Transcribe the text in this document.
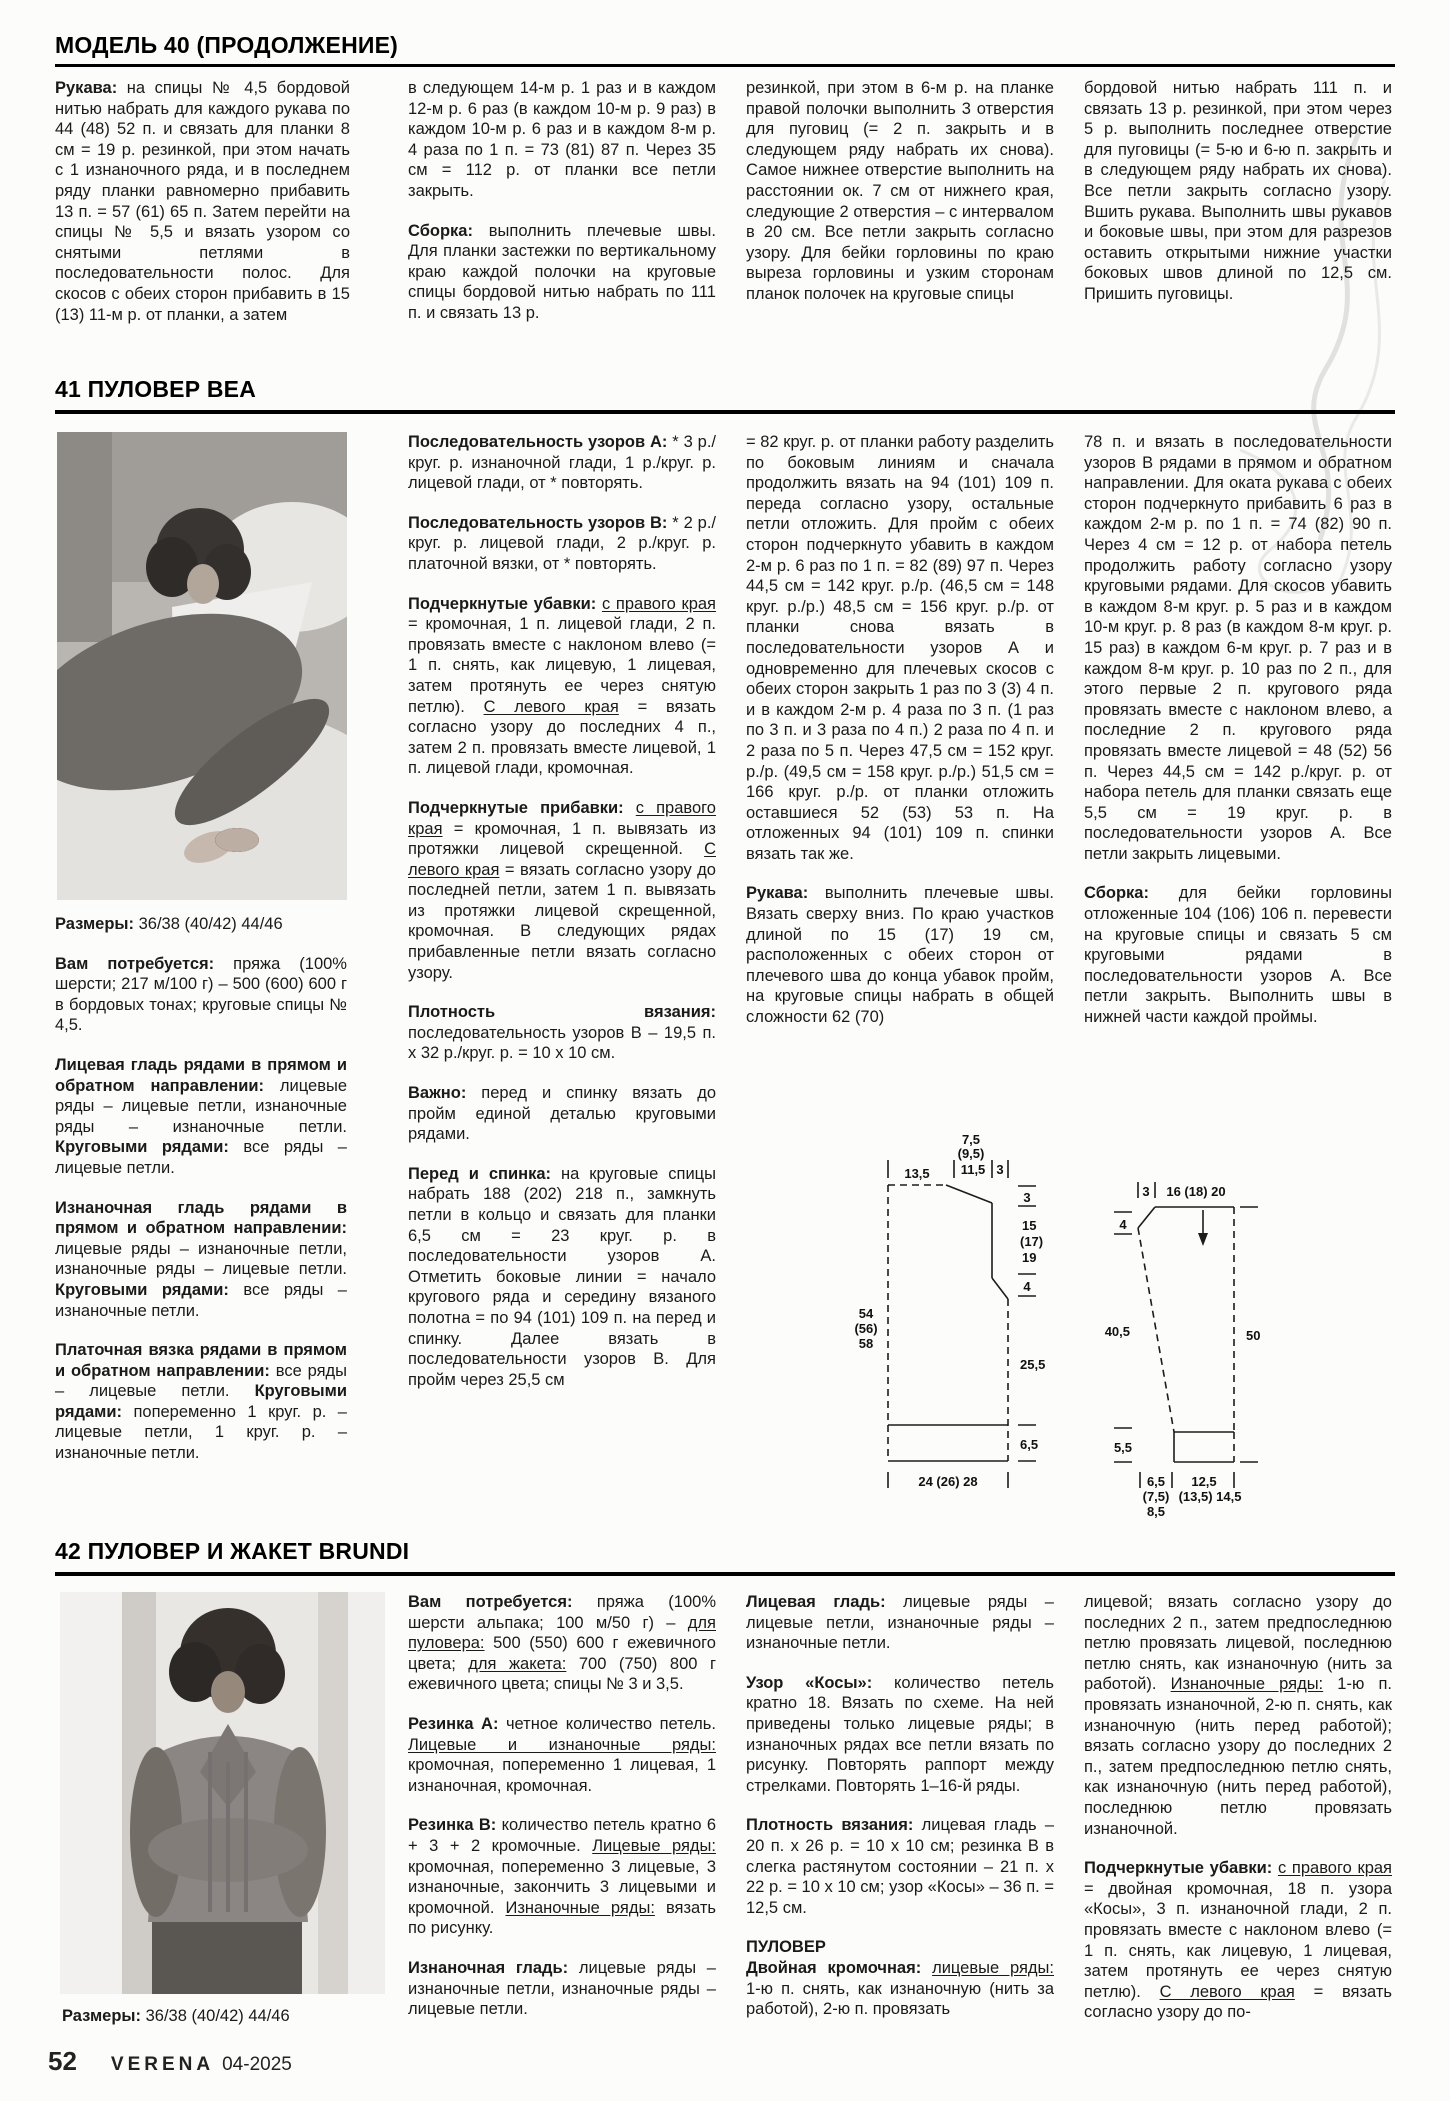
МОДЕЛЬ 40 (ПРОДОЛЖЕНИЕ)

Рукава: на спицы № 4,5 бордовой нитью набрать для каждого рукава по 44 (48) 52 п. и связать для планки 8 см = 19 р. резинкой, при этом начать с 1 изнаночного ряда, и в последнем ряду планки равномерно прибавить 13 п. = 57 (61) 65 п. Затем перейти на спицы № 5,5 и вязать узором со снятыми петлями в последовательности полос. Для скосов с обеих сторон прибавить в 15 (13) 11-м р. от планки, а затем

в следующем 14-м р. 1 раз и в каждом 12-м р. 6 раз (в каждом 10-м р. 9 раз) в каждом 10-м р. 6 раз и в каждом 8-м р. 4 раза по 1 п. = 73 (81) 87 п. Через 35 см = 112 р. от планки все петли закрыть.

Сборка: выполнить плечевые швы. Для планки застежки по вертикальному краю каждой полочки на круговые спицы бордовой нитью набрать по 111 п. и связать 13 р.

резинкой, при этом в 6-м р. на планке правой полочки выполнить 3 отверстия для пуговиц (= 2 п. закрыть и в следующем ряду набрать их снова). Самое нижнее отверстие выполнить на расстоянии ок. 7 см от нижнего края, следующие 2 отверстия – с интервалом в 20 см. Все петли закрыть согласно узору. Для бейки горловины по краю выреза горловины и узким сторонам планок полочек на круговые спицы

бордовой нитью набрать 111 п. и связать 13 р. резинкой, при этом через 5 р. выполнить последнее отверстие для пуговицы (= 5-ю и 6-ю п. закрыть и в следующем ряду набрать их снова). Все петли закрыть согласно узору. Вшить рукава. Выполнить швы рукавов и боковые швы, при этом для разрезов оставить открытыми нижние участки боковых швов длиной по 12,5 см. Пришить пуговицы.

41 ПУЛОВЕР BEA

Размеры: 36/38 (40/42) 44/46

Вам потребуется: пряжа (100% шерсти; 217 м/100 г) – 500 (600) 600 г в бордовых тонах; круговые спицы № 4,5.

Лицевая гладь рядами в прямом и обратном направлении: лицевые ряды – лицевые петли, изнаночные ряды – изнаночные петли. Круговыми рядами: все ряды – лицевые петли.

Изнаночная гладь рядами в прямом и обратном направлении: лицевые ряды – изнаночные петли, изнаночные ряды – лицевые петли. Круговыми рядами: все ряды – изнаночные петли.

Платочная вязка рядами в прямом и обратном направлении: все ряды – лицевые петли. Круговыми рядами: попеременно 1 круг. р. – лицевые петли, 1 круг. р. – изнаночные петли.

Последовательность узоров А: * 3 р./круг. р. изнаночной глади, 1 р./круг. р. лицевой глади, от * повторять.

Последовательность узоров В: * 2 р./круг. р. лицевой глади, 2 р./круг. р. платочной вязки, от * повторять.

Подчеркнутые убавки: с правого края = кромочная, 1 п. лицевой глади, 2 п. провязать вместе с наклоном влево (= 1 п. снять, как лицевую, 1 лицевая, затем протянуть ее через снятую петлю). С левого края = вязать согласно узору до последних 4 п., затем 2 п. провязать вместе лицевой, 1 п. лицевой глади, кромочная.

Подчеркнутые прибавки: с правого края = кромочная, 1 п. вывязать из протяжки лицевой скрещенной. С левого края = вязать согласно узору до последней петли, затем 1 п. вывязать из протяжки лицевой скрещенной, кромочная. В следующих рядах прибавленные петли вязать согласно узору.

Плотность вязания: последовательность узоров В – 19,5 п. x 32 р./круг. р. = 10 x 10 см.

Важно: перед и спинку вязать до пройм единой деталью круговыми рядами.

Перед и спинка: на круговые спицы набрать 188 (202) 218 п., замкнуть петли в кольцо и связать для планки 6,5 см = 23 круг. р. в последовательности узоров А. Отметить боковые линии = начало кругового ряда и середину вязаного полотна = по 94 (101) 109 п. на перед и спинку. Далее вязать в последовательности узоров В. Для пройм через 25,5 см

= 82 круг. р. от планки работу разделить по боковым линиям и сначала продолжить вязать на 94 (101) 109 п. переда согласно узору, остальные петли отложить. Для пройм с обеих сторон подчеркнуто убавить в каждом 2-м р. 6 раз по 1 п. = 82 (89) 97 п. Через 44,5 см = 142 круг. р./р. (46,5 см = 148 круг. р./р.) 48,5 см = 156 круг. р./р. от планки снова вязать в последовательности узоров А и одновременно для плечевых скосов с обеих сторон закрыть 1 раз по 3 (3) 4 п. и в каждом 2-м р. 4 раза по 3 п. (1 раз по 3 п. и 3 раза по 4 п.) 2 раза по 4 п. и 2 раза по 5 п. Через 47,5 см = 152 круг. р./р. (49,5 см = 158 круг. р./р.) 51,5 см = 166 круг. р./р. от планки отложить оставшиеся 52 (53) 53 п. На отложенных 94 (101) 109 п. спинки вязать так же.

Рукава: выполнить плечевые швы. Вязать сверху вниз. По краю участков длиной по 15 (17) 19 см, расположенных с обеих сторон от плечевого шва до конца убавок пройм, на круговые спицы набрать в общей сложности 62 (70)

78 п. и вязать в последовательности узоров В рядами в прямом и обратном направлении. Для оката рукава с обеих сторон подчеркнуто прибавить 6 раз в каждом 2-м р. по 1 п. = 74 (82) 90 п. Через 4 см = 12 р. от набора петель продолжить работу согласно узору круговыми рядами. Для скосов убавить в каждом 8-м круг. р. 5 раз и в каждом 10-м круг. р. 8 раз (в каждом 8-м круг. р. 15 раз) в каждом 6-м круг. р. 7 раз и в каждом 8-м круг. р. 10 раз по 2 п., для этого первые 2 п. кругового ряда провязать вместе с наклоном влево, а последние 2 п. кругового ряда провязать вместе лицевой = 48 (52) 56 п. Через 44,5 см = 142 р./круг. р. от набора петель для планки связать еще 5,5 см = 19 круг. р. в последовательности узоров А. Все петли закрыть лицевыми.

Сборка: для бейки горловины отложенные 104 (106) 106 п. перевести на круговые спицы и связать 5 см круговыми рядами в последовательности узоров А. Все петли закрыть. Выполнить швы в нижней части каждой проймы.

13,5
7,5
(9,5)
11,5 3
3
15
(17)
19
4
25,5
6,5
54
(56)
58
24 (26) 28
3 16 (18) 20
4
40,5
5,5
50
6,5 12,5
(7,5) (13,5) 14,5
8,5
42 ПУЛОВЕР И ЖАКЕТ BRUNDI

Размеры: 36/38 (40/42) 44/46

Вам потребуется: пряжа (100% шерсти альпака; 100 м/50 г) – для пуловера: 500 (550) 600 г ежевичного цвета; для жакета: 700 (750) 800 г ежевичного цвета; спицы № 3 и 3,5.

Резинка А: четное количество петель. Лицевые и изнаночные ряды: кромочная, попеременно 1 лицевая, 1 изнаночная, кромочная.

Резинка В: количество петель кратно 6 + 3 + 2 кромочные. Лицевые ряды: кромочная, попеременно 3 лицевые, 3 изнаночные, закончить 3 лицевыми и кромочной. Изнаночные ряды: вязать по рисунку.

Изнаночная гладь: лицевые ряды – изнаночные петли, изнаночные ряды – лицевые петли.

Лицевая гладь: лицевые ряды – лицевые петли, изнаночные ряды – изнаночные петли.

Узор «Косы»: количество петель кратно 18. Вязать по схеме. На ней приведены только лицевые ряды; в изнаночных рядах все петли вязать по рисунку. Повторять раппорт между стрелками. Повторять 1–16-й ряды.

Плотность вязания: лицевая гладь – 20 п. x 26 р. = 10 x 10 см; резинка В в слегка растянутом состоянии – 21 п. x 22 р. = 10 x 10 см; узор «Косы» – 36 п. = 12,5 см.

ПУЛОВЕР

Двойная кромочная: лицевые ряды: 1-ю п. снять, как изнаночную (нить за работой), 2-ю п. провязать

лицевой; вязать согласно узору до последних 2 п., затем предпоследнюю петлю провязать лицевой, последнюю петлю снять, как изнаночную (нить за работой). Изнаночные ряды: 1-ю п. провязать изнаночной, 2-ю п. снять, как изнаночную (нить перед работой); вязать согласно узору до последних 2 п., затем предпоследнюю петлю снять, как изнаночную (нить перед работой), последнюю петлю провязать изнаночной.

Подчеркнутые убавки: с правого края = двойная кромочная, 18 п. узора «Косы», 3 п. изнаночной глади, 2 п. провязать вместе с наклоном влево (= 1 п. снять, как лицевую, 1 лицевая, затем протянуть ее через снятую петлю). С левого края = вязать согласно узору до по-

52 VERENA 04-2025
